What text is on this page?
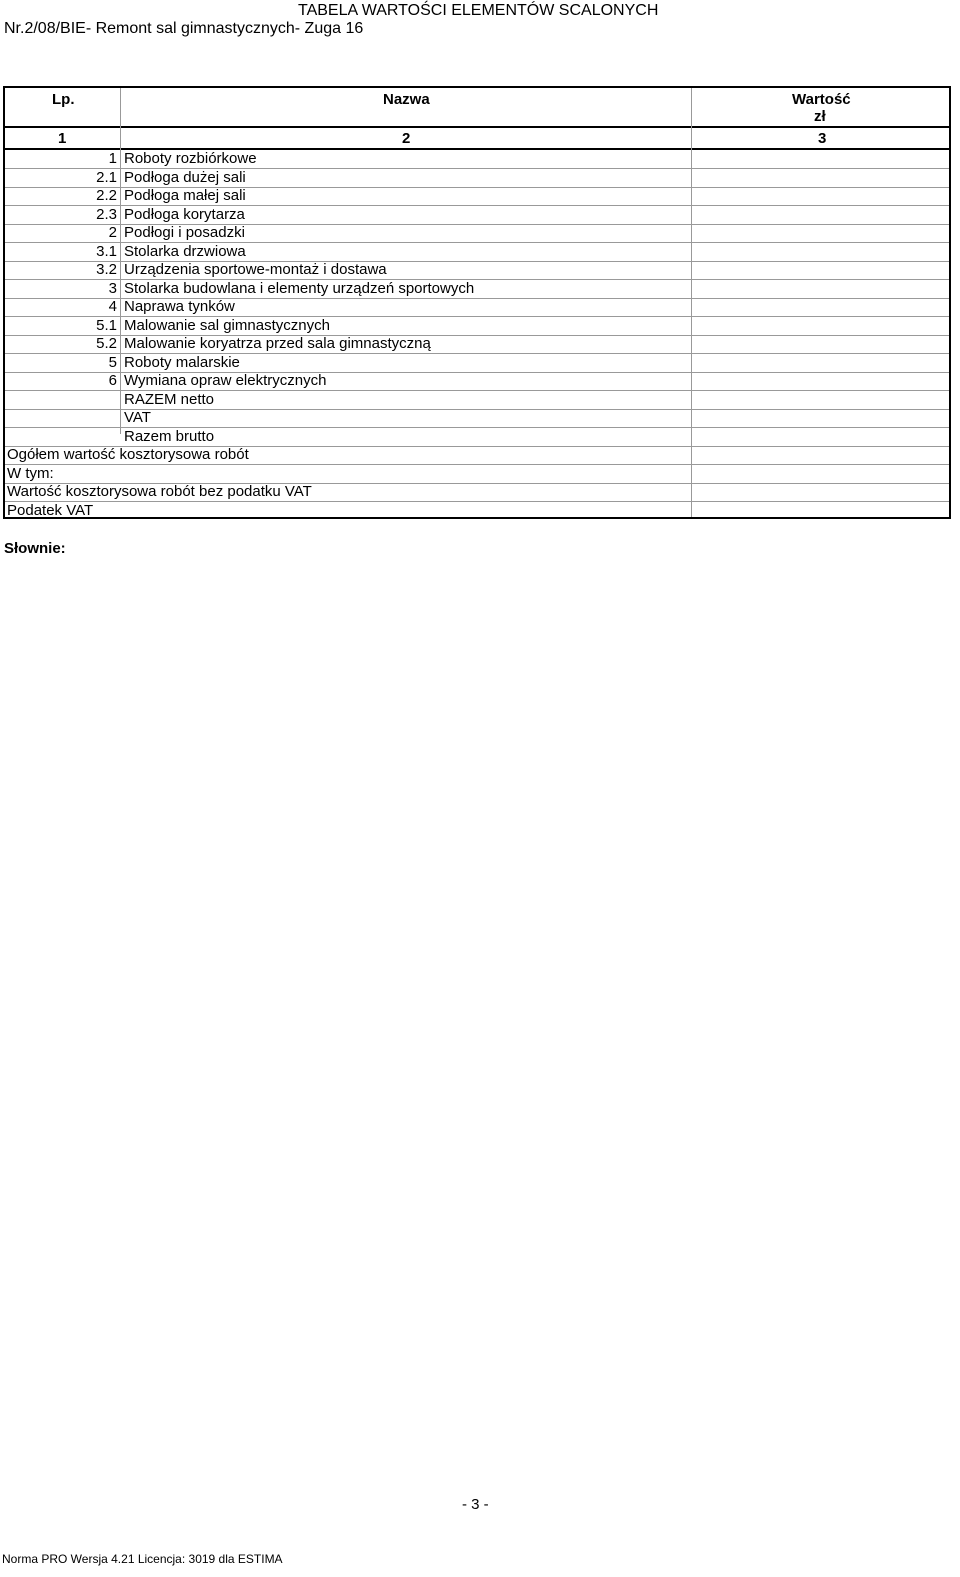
TABELA WARTOŚCI ELEMENTÓW SCALONYCH
Nr.2/08/BIE- Remont sal gimnastycznych- Zuga 16
Lp.	Nazwa	Wartość
zł
1	2	3
1 Roboty rozbiórkowe
2.1 Podłoga dużej sali
2.2 Podłoga małej sali
2.3 Podłoga korytarza
2 Podłogi i posadzki
3.1 Stolarka drzwiowa
3.2 Urządzenia sportowe-montaż i dostawa
3 Stolarka budowlana i elementy urządzeń sportowych
4 Naprawa tynków
5.1 Malowanie sal gimnastycznych
5.2 Malowanie koryatrza przed sala gimnastyczną
5 Roboty malarskie
6 Wymiana opraw elektrycznych
RAZEM netto
VAT
Razem brutto
Ogółem wartość kosztorysowa robót
W tym:
Wartość kosztorysowa robót bez podatku VAT
Podatek VAT
Słownie:
- 3 -
Norma PRO Wersja 4.21 Licencja: 3019 dla ESTIMA
